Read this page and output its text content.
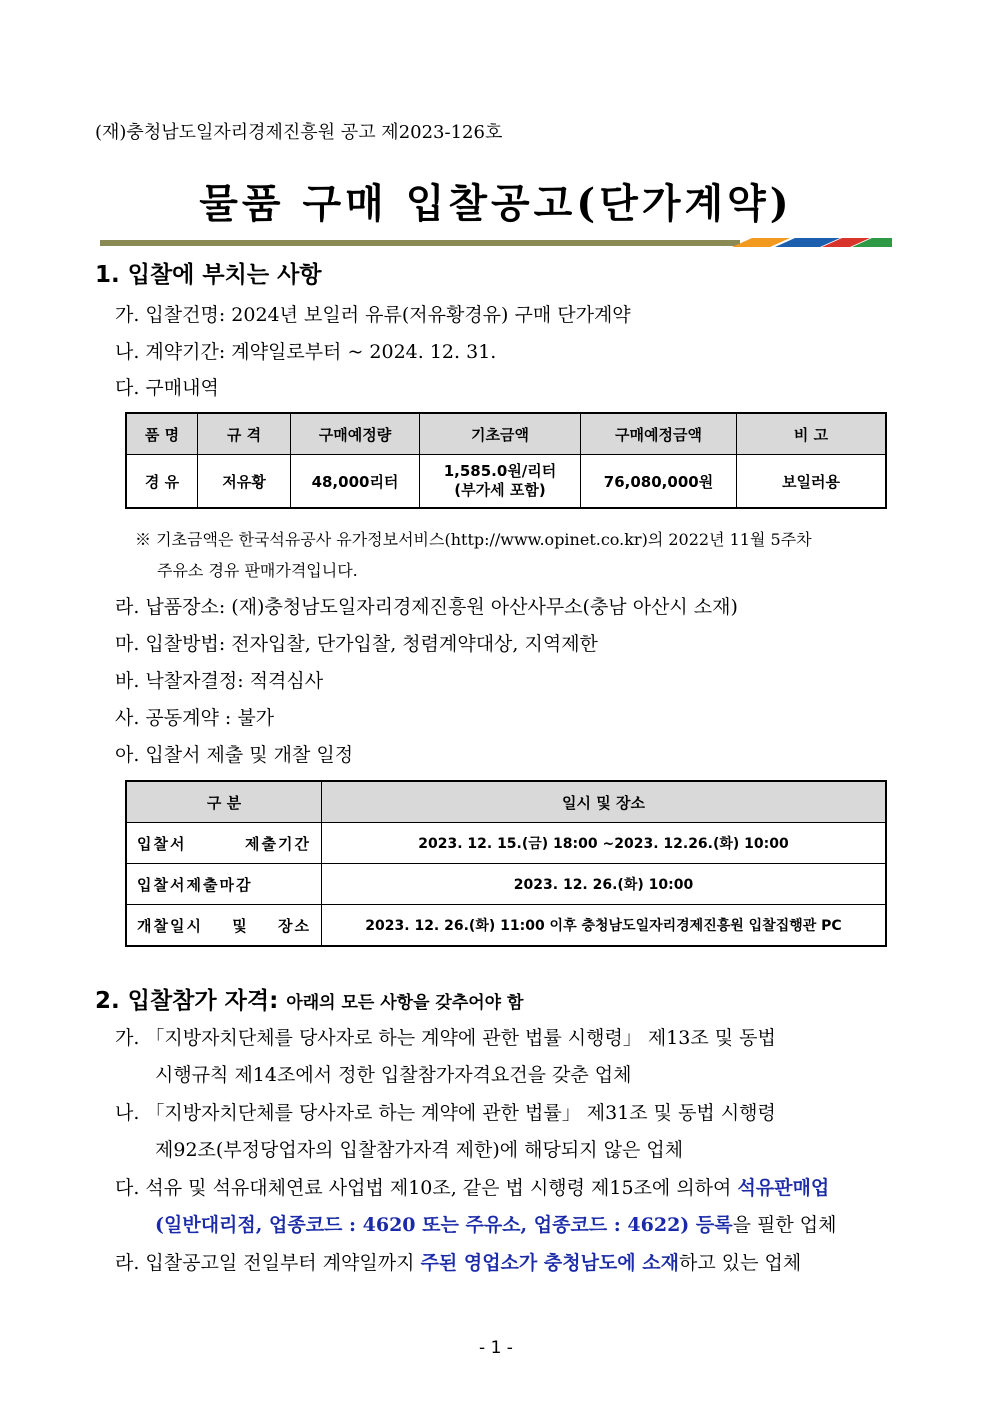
(재)충청남도일자리경제진흥원 공고 제2023-126호
물품 구매 입찰공고(단가계약)
1. 입찰에 부치는 사항
가. 입찰건명: 2024년 보일러 유류(저유황경유) 구매 단가계약
나. 계약기간: 계약일로부터 ~ 2024. 12. 31.
다. 구매내역
품 명	규 격	구매예정량	기초금액	구매예정금액	비 고
경 유	저유황	48,000리터	1,585.0원/리터
(부가세 포함)	76,080,000원	보일러용
※ 기초금액은 한국석유공사 유가정보서비스(http://www.opinet.co.kr)의 2022년 11월 5주차
주유소 경유 판매가격입니다.
라. 납품장소: (재)충청남도일자리경제진흥원 아산사무소(충남 아산시 소재)
마. 입찰방법: 전자입찰, 단가입찰, 청렴계약대상, 지역제한
바. 낙찰자결정: 적격심사
사. 공동계약 : 불가
아. 입찰서 제출 및 개찰 일정
구 분	일시 및 장소
입찰서 제출기간	2023. 12. 15.(금) 18:00 ~2023. 12.26.(화) 10:00
입찰서제출마감	2023. 12. 26.(화) 10:00
개찰일시 및 장소	2023. 12. 26.(화) 11:00 이후 충청남도일자리경제진흥원 입찰집행관 PC
2. 입찰참가 자격: 아래의 모든 사항을 갖추어야 함
가. 「지방자치단체를 당사자로 하는 계약에 관한 법률 시행령」 제13조 및 동법
시행규칙 제14조에서 정한 입찰참가자격요건을 갖춘 업체
나. 「지방자치단체를 당사자로 하는 계약에 관한 법률」 제31조 및 동법 시행령
제92조(부정당업자의 입찰참가자격 제한)에 해당되지 않은 업체
다. 석유 및 석유대체연료 사업법 제10조, 같은 법 시행령 제15조에 의하여 석유판매업
(일반대리점, 업종코드 : 4620 또는 주유소, 업종코드 : 4622) 등록을 필한 업체
라. 입찰공고일 전일부터 계약일까지 주된 영업소가 충청남도에 소재하고 있는 업체
- 1 -
